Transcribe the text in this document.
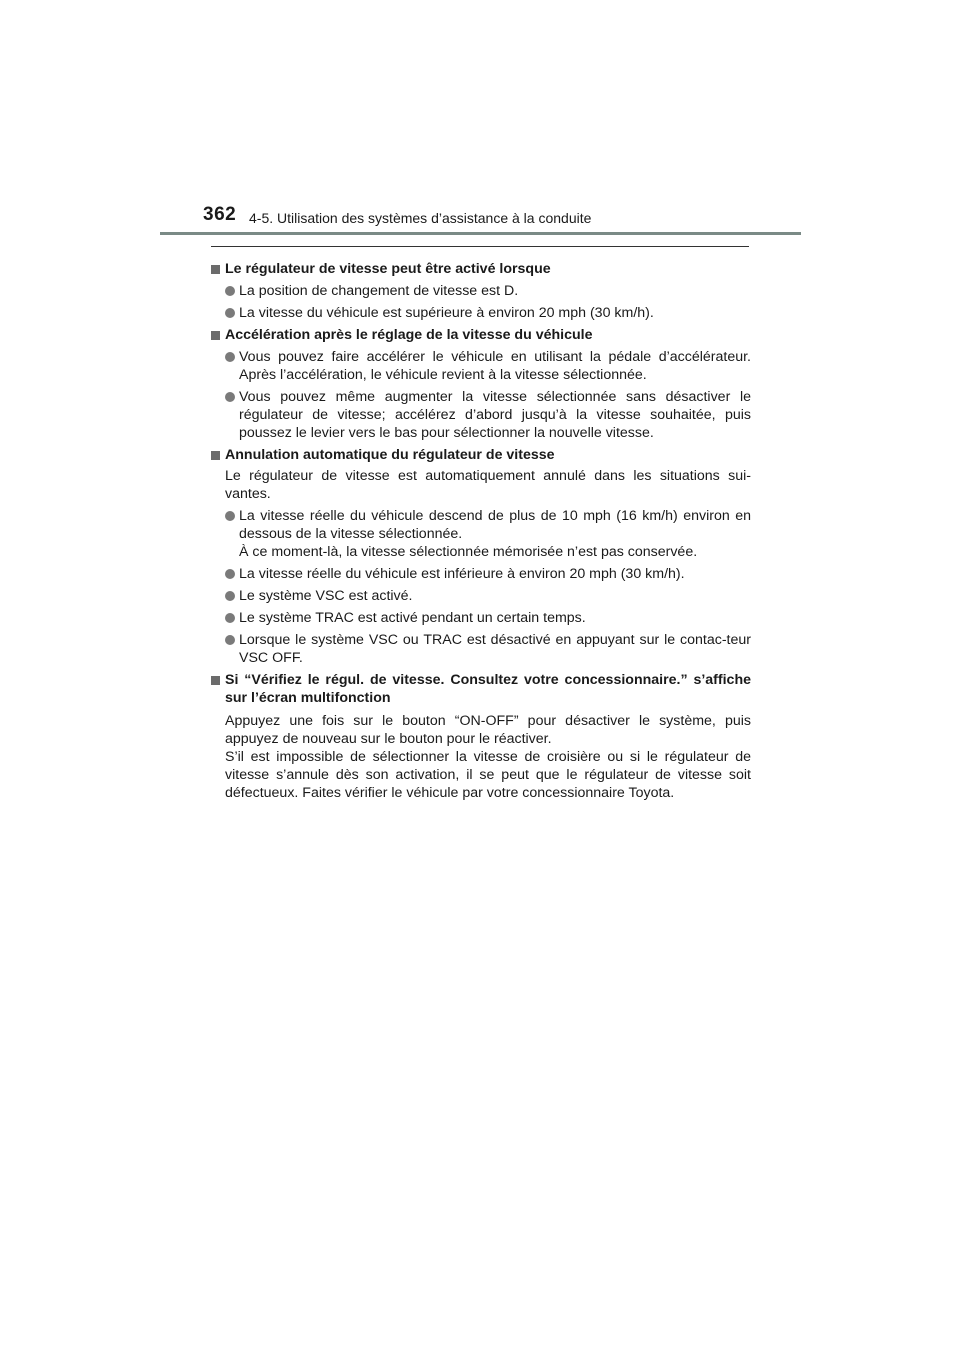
362 4-5. Utilisation des systèmes d’assistance à la conduite
Le régulateur de vitesse peut être activé lorsque
La position de changement de vitesse est D.
La vitesse du véhicule est supérieure à environ 20 mph (30 km/h).
Accélération après le réglage de la vitesse du véhicule
Vous pouvez faire accélérer le véhicule en utilisant la pédale d’accélérateur. Après l’accélération, le véhicule revient à la vitesse sélectionnée.
Vous pouvez même augmenter la vitesse sélectionnée sans désactiver le régulateur de vitesse; accélérez d’abord jusqu’à la vitesse souhaitée, puis poussez le levier vers le bas pour sélectionner la nouvelle vitesse.
Annulation automatique du régulateur de vitesse
Le régulateur de vitesse est automatiquement annulé dans les situations sui-vantes.
La vitesse réelle du véhicule descend de plus de 10 mph (16 km/h) environ en dessous de la vitesse sélectionnée.
À ce moment-là, la vitesse sélectionnée mémorisée n’est pas conservée.
La vitesse réelle du véhicule est inférieure à environ 20 mph (30 km/h).
Le système VSC est activé.
Le système TRAC est activé pendant un certain temps.
Lorsque le système VSC ou TRAC est désactivé en appuyant sur le contac-teur VSC OFF.
Si “Vérifiez le régul. de vitesse. Consultez votre concessionnaire.” s’affiche sur l’écran multifonction
Appuyez une fois sur le bouton “ON-OFF” pour désactiver le système, puis appuyez de nouveau sur le bouton pour le réactiver.
S’il est impossible de sélectionner la vitesse de croisière ou si le régulateur de vitesse s’annule dès son activation, il se peut que le régulateur de vitesse soit défectueux. Faites vérifier le véhicule par votre concessionnaire Toyota.
